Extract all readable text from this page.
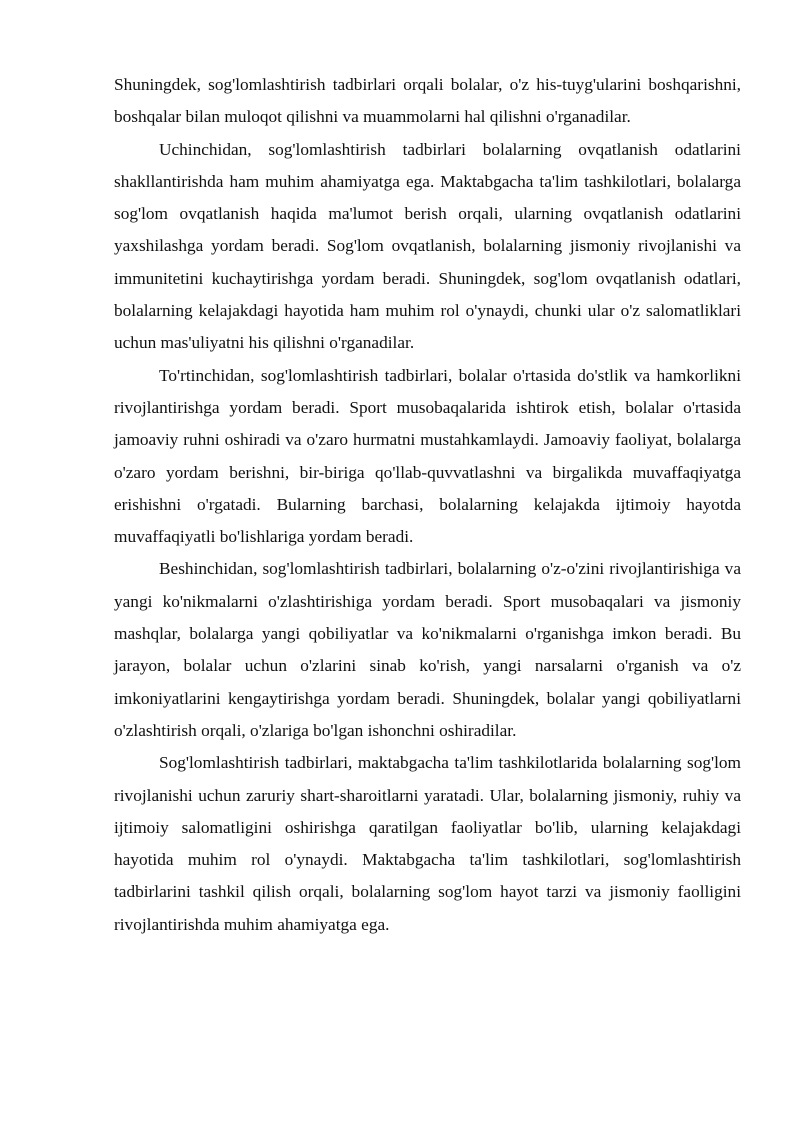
Shuningdek, sog'lomlashtirish tadbirlari orqali bolalar, o'z his-tuyg'ularini boshqarishni, boshqalar bilan muloqot qilishni va muammolarni hal qilishni o'rganadilar.

Uchinchidan, sog'lomlashtirish tadbirlari bolalarning ovqatlanish odatlarini shakllantirishda ham muhim ahamiyatga ega. Maktabgacha ta'lim tashkilotlari, bolalarga sog'lom ovqatlanish haqida ma'lumot berish orqali, ularning ovqatlanish odatlarini yaxshilashga yordam beradi. Sog'lom ovqatlanish, bolalarning jismoniy rivojlanishi va immunitetini kuchaytirishga yordam beradi. Shuningdek, sog'lom ovqatlanish odatlari, bolalarning kelajakdagi hayotida ham muhim rol o'ynaydi, chunki ular o'z salomatliklari uchun mas'uliyatni his qilishni o'rganadilar.

To'rtinchidan, sog'lomlashtirish tadbirlari, bolalar o'rtasida do'stlik va hamkorlikni rivojlantirishga yordam beradi. Sport musobaqalarida ishtirok etish, bolalar o'rtasida jamoaviy ruhni oshiradi va o'zaro hurmatni mustahkamlaydi. Jamoaviy faoliyat, bolalarga o'zaro yordam berishni, bir-biriga qo'llab-quvvatlashni va birgalikda muvaffaqiyatga erishishni o'rgatadi. Bularning barchasi, bolalarning kelajakda ijtimoiy hayotda muvaffaqiyatli bo'lishlariga yordam beradi.

Beshinchidan, sog'lomlashtirish tadbirlari, bolalarning o'z-o'zini rivojlantirishiga va yangi ko'nikmalarni o'zlashtirishiga yordam beradi. Sport musobaqalari va jismoniy mashqlar, bolalarga yangi qobiliyatlar va ko'nikmalarni o'rganishga imkon beradi. Bu jarayon, bolalar uchun o'zlarini sinab ko'rish, yangi narsalarni o'rganish va o'z imkoniyatlarini kengaytirishga yordam beradi. Shuningdek, bolalar yangi qobiliyatlarni o'zlashtirish orqali, o'zlariga bo'lgan ishonchni oshiradilar.

Sog'lomlashtirish tadbirlari, maktabgacha ta'lim tashkilotlarida bolalarning sog'lom rivojlanishi uchun zaruriy shart-sharoitlarni yaratadi. Ular, bolalarning jismoniy, ruhiy va ijtimoiy salomatligini oshirishga qaratilgan faoliyatlar bo'lib, ularning kelajakdagi hayotida muhim rol o'ynaydi. Maktabgacha ta'lim tashkilotlari, sog'lomlashtirish tadbirlarini tashkil qilish orqali, bolalarning sog'lom hayot tarzi va jismoniy faolligini rivojlantirishda muhim ahamiyatga ega.
